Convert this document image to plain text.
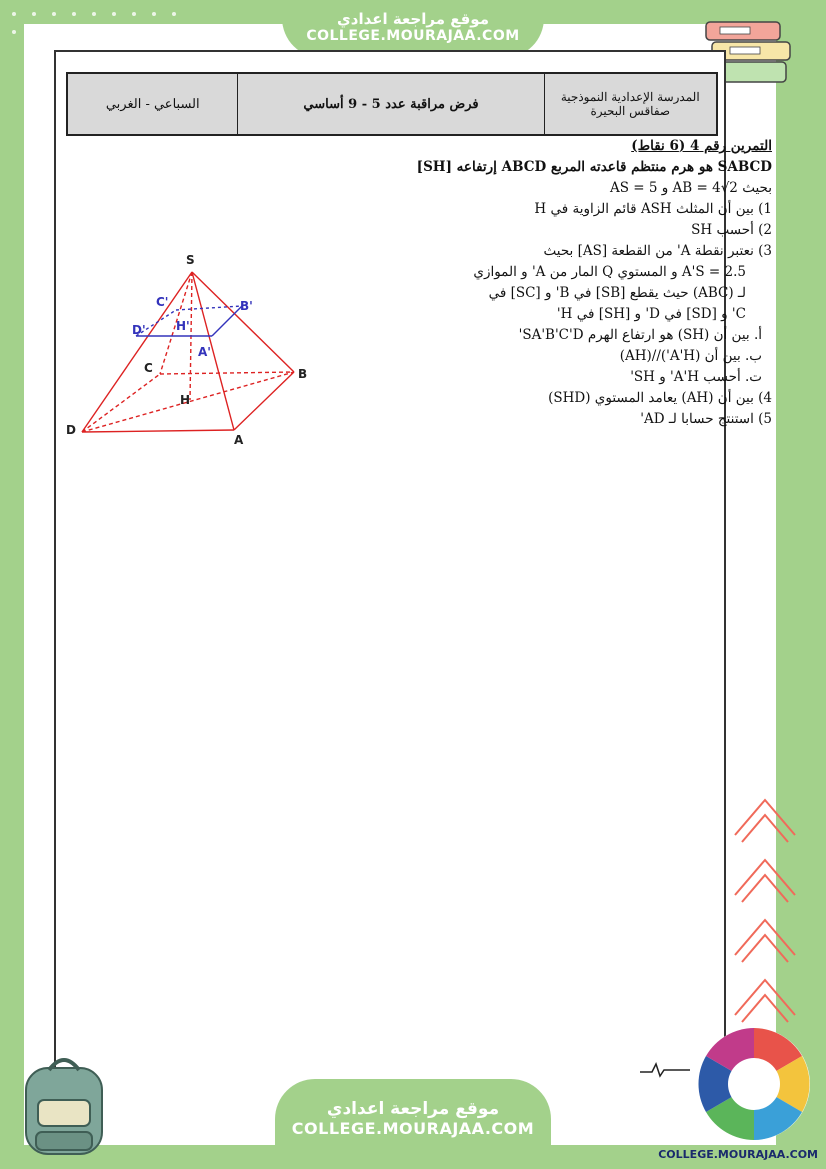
موقع مراجعة اعدادي
COLLEGE.MOURAJAA.COM
السباعي - الغربي	فرض مراقبة عدد 5 - 9 أساسي	المدرسة الإعدادية النموذجية صفاقس البحيرة
التمرين رقم 4 (6 نقاط)
SABCD هو هرم منتظم قاعدته المربع ABCD إرتفاعه [SH]
بحيث AB = 4√2 و AS = 5
1) بين أن المثلث ASH قائم الزاوية في H
2) أحسب SH
3) نعتبر نقطة A' من القطعة [AS] بحيث
A'S = 2.5 و المستوي Q المار من A' و الموازي
لـ (ABC) حيث يقطع [SB] في B' و [SC] في
C' و [SD] في D' و [SH] في H'
أ. بين أن (SH) هو ارتفاع الهرم SA'B'C'D'
ب. بين أن (A'H')//(AH)
ت. أحسب A'H' و SH'
4) بين أن (AH) يعامد المستوي (SHD)
5) استنتج حسابا لـ AD'
S
A
B
C
D
H
A'
B'
C'
D'	H'
موقع مراجعة اعدادي
COLLEGE.MOURAJAA.COM
COLLEGE.MOURAJAA.COM
